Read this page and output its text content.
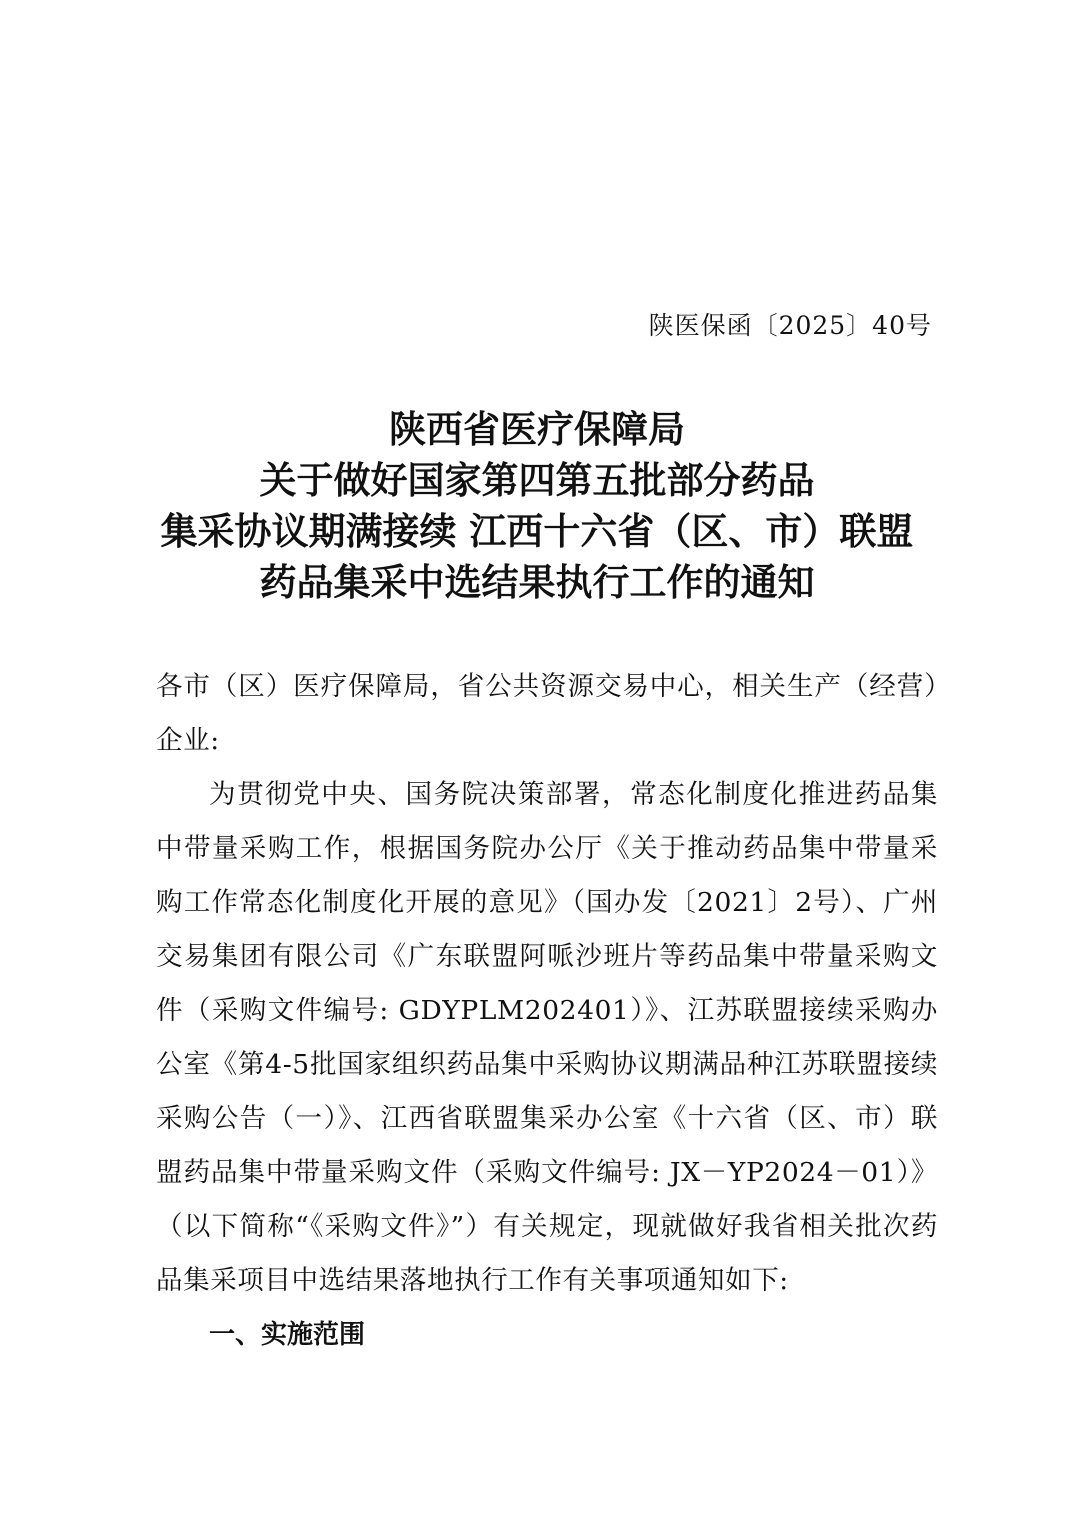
陕医保函〔2025〕40号
陕西省医疗保障局
关于做好国家第四第五批部分药品
集采协议期满接续 江西十六省（区、市）联盟
药品集采中选结果执行工作的通知

各市（区）医疗保障局，省公共资源交易中心，相关生产（经营）企业:

为贯彻党中央、国务院决策部署，常态化制度化推进药品集中带量采购工作，根据国务院办公厅《关于推动药品集中带量采购工作常态化制度化开展的意见》（国办发〔2021〕2号）、广州交易集团有限公司《广东联盟阿哌沙班片等药品集中带量采购文件（采购文件编号: GDYPLM202401）》、江苏联盟接续采购办公室《第4-5批国家组织药品集中采购协议期满品种江苏联盟接续采购公告（一）》、江西省联盟集采办公室《十六省（区、市）联盟药品集中带量采购文件（采购文件编号: JX－YP2024－01）》（以下简称“《采购文件》”）有关规定，现就做好我省相关批次药品集采项目中选结果落地执行工作有关事项通知如下:

一、实施范围
